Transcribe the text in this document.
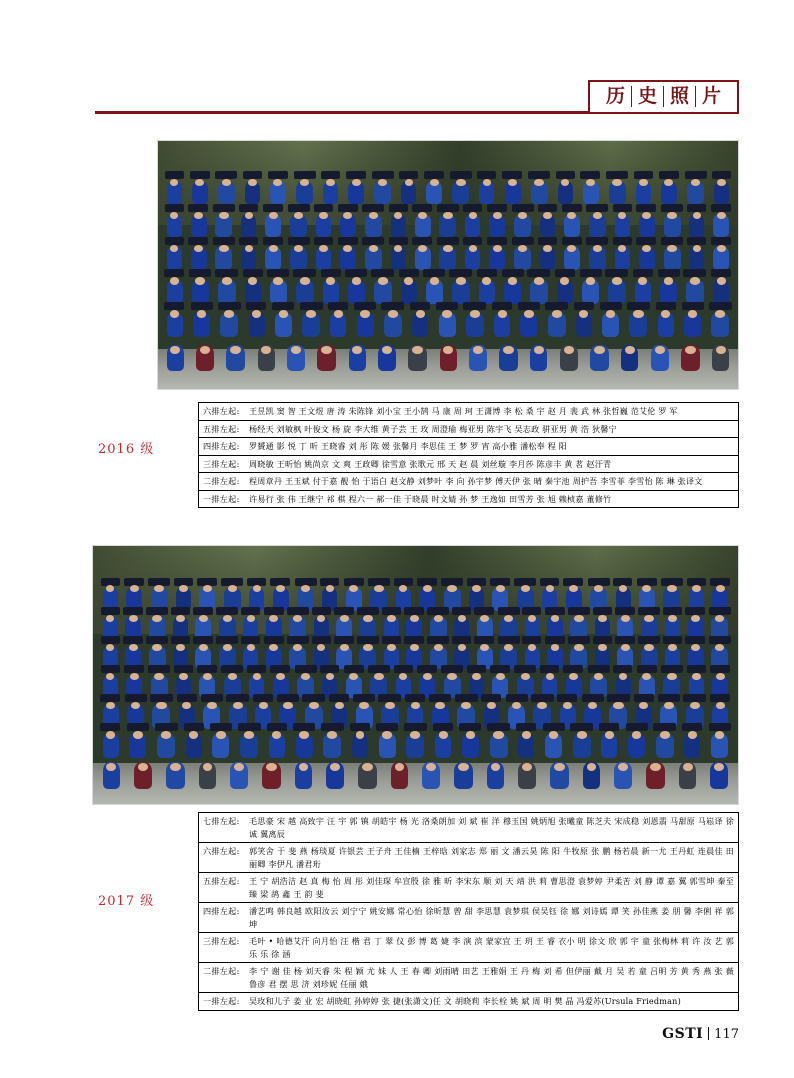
历 史 照 片
2016 级
六排左起:	王昱凯 窦 智 王文煜 唐 涛 朱陈锋 刘小宝 王小鹄 马 康 周 珂 王潇博 李 松 桑 宇 赵 月 裴 武 林 张哲巍 范艾伦 罗 军
五排左起:	杨经天 刘敏枫 叶俊文 杨 旋 李大维 黄子芸 王 玫 周澄瑜 梅亚男 陈宇飞 吴志政 骈亚男 黄 浩 狄馨宁
四排左起:	罗贇通 影 悦 丁 昕 王晓睿 刘 彤 陈 媛 张馨月 李思佳 王 梦 罗 宵 高小雅 潘松奉 程 阳
三排左起:	周晓敏 王昕怡 姚尚京 文 爽 王政卿 徐雪意 张歌元 邢 天 赵 晨 刘丝璇 李月莎 陈彦丰 黄 茗 赵汗青
二排左起:	程周章丹 王玉斌 付于嘉 靓 怡 于语白 赵文静 刘梦叶 李 向 孙宇梦 傅天伊 张 晴 秦宇池 周护吾 李雪菲 李雪怡 陈 琳 张译文
一排左起:	许易行 张 伟 王继宁 祁 棋 程六一 郝一佳 于晓晨 时文婧 孙 梦 王逸如 田雪芳 张 旭 赖桢嘉 董修竹
2017 级
七排左起:	毛思豪 宋 越 高致宇 汪 宇 郭 镇 胡皓宇 杨 光 洛桑朗加 刘 斌 崔 洋 穆玉国 姚炳旭 张曦童 陈芝夫 宋成稳 刘恩翡 马甜原 马崧译 徐 诚 翼离辰
六排左起:	郭笑舍 于 斐 燕 杨琰夏 许银芸 王子舟 王佳楠 王梓晗 刘家志 郑 丽 文 潘云昊 陈 阳 牛牧原 张 鹏 杨若晨 新一尤 王丹虹 连晨佳 田丽卿 李伊凡 潘君珩
五排左起:	王 宁 胡浩洁 赵 真 梅 怡 周 彤 刘佳琛 牟宣殷 徐 雅 昕 李宋东 顺 刘 天 靖 洪 莉 曹思澄 袁梦婷 尹柔苦 刘 静 谭 嘉 翼 郭雪坤 秦至臻 梁 鸪 鑫 王 韵 斐
四排左起:	潘艺鸣 韩良越 欧阳汝云 刘宁宁 姚安娜 常心怡 徐昕慧 曾 甜 李思慧 袁梦琪 侯吴钰 徐 娜 刘诗嫣 谭 笑 孙佳燕 姜 朋 馨 李俐 祥 郭 坤
三排左起:	毛叶 • 哈德艾汗 向月怡 汪 楷 君 丁 翠 仪 彭 博 葛 婕 李 演 滨 蒙家宜 王 玥 王 睿 衣小 明 徐文 欣 郭 宇 童 张梅林 莉 许 汝 艺 郭 乐 乐 徐 涵
二排左起:	李 宁 谢 佳 杨 刘天睿 朱 程 颖 尤 妹 人 王 春 卿 刘雨晴 田艺 王雅娟 王 丹 梅 刘 希 但伊丽 戴 月 吴 若 童 吕明 芳 黄 秀 燕 张 薇 鲁彦 君 摆 思 济 刘珍妮 任丽 娥
一排左起:	吴玫和儿子 姜 业 宏 胡晓虹 孙婷婷 张 捷(张潇文)任 文 胡晓莉 李长栓 姚 斌 周 明 樊 晶 冯爱苏(Ursula Friedman)
GSTI 117
